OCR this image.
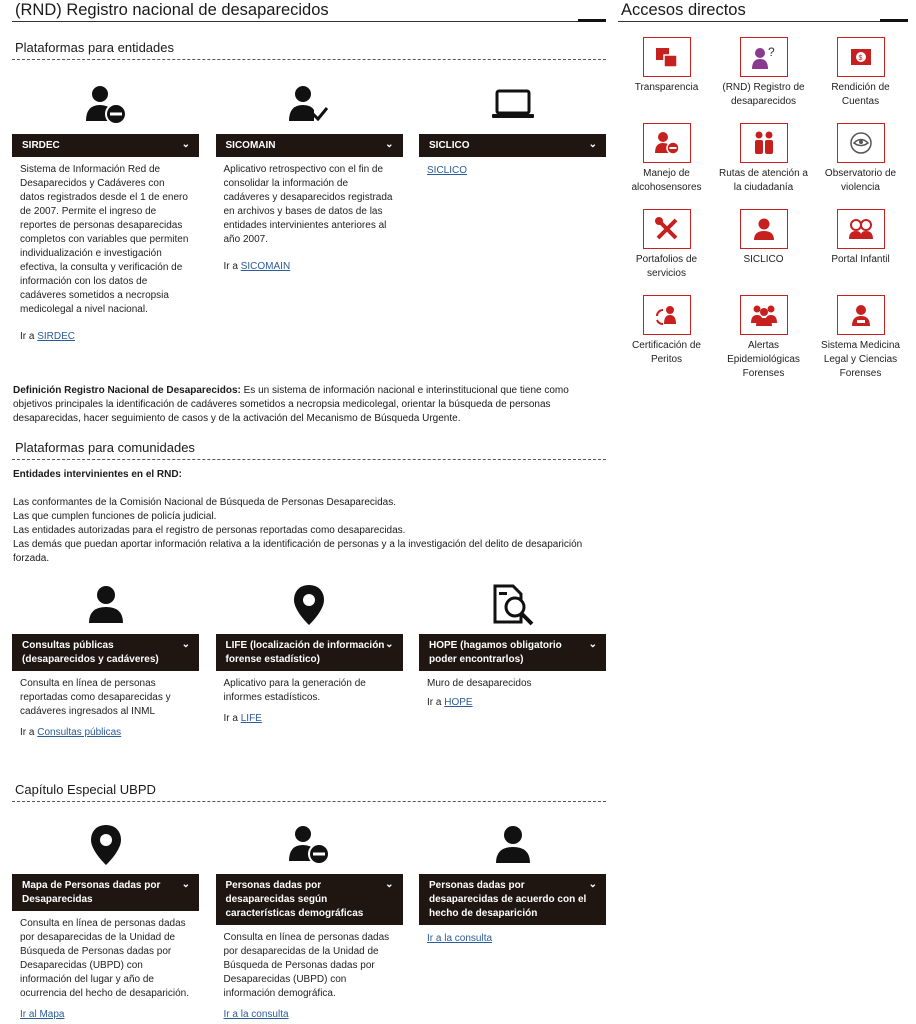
(RND) Registro nacional de desaparecidos
Plataformas para entidades
SIRDEC	⌄
Sistema de Información Red de Desaparecidos y Cadáveres con datos registrados desde el 1 de enero de 2007. Permite el ingreso de reportes de personas desaparecidas completos con variables que permiten individualización e investigación efectiva, la consulta y verificación de información con los datos de cadáveres sometidos a necropsia medicolegal a nivel nacional.
Ir a SIRDEC
SICOMAIN	⌄
Aplicativo retrospectivo con el fin de consolidar la información de cadáveres y desaparecidos registrada en archivos y bases de datos de las entidades intervinientes anteriores al año 2007.
Ir a SICOMAIN
SICLICO	⌄
SICLICO
Definición Registro Nacional de Desaparecidos: Es un sistema de información nacional e interinstitucional que tiene como objetivos principales la identificación de cadáveres sometidos a necropsia medicolegal, orientar la búsqueda de personas desaparecidas, hacer seguimiento de casos y de la activación del Mecanismo de Búsqueda Urgente.
Plataformas para comunidades
Entidades intervinientes en el RND:
Las conformantes de la Comisión Nacional de Búsqueda de Personas Desaparecidas.
Las que cumplen funciones de policía judicial.
Las entidades autorizadas para el registro de personas reportadas como desaparecidas.
Las demás que puedan aportar información relativa a la identificación de personas y a la investigación del delito de desaparición forzada.
Consultas públicas (desaparecidos y cadáveres)
⌄
Consulta en línea de personas reportadas como desaparecidas y cadáveres ingresados al INML
Ir a Consultas públicas
LIFE (localización de información forense estadístico)
⌄
Aplicativo para la generación de informes estadísticos.
Ir a LIFE
HOPE (hagamos obligatorio poder encontrarlos)
⌄
Muro de desaparecidos
Ir a HOPE
Capítulo Especial UBPD
Mapa de Personas dadas por Desaparecidas
⌄
Consulta en línea de personas dadas por desaparecidas de la Unidad de Búsqueda de Personas dadas por Desaparecidas (UBPD) con información del lugar y año de ocurrencia del hecho de desaparición.
Ir al Mapa
Personas dadas por desaparecidas según características demográficas
⌄
Consulta en línea de personas dadas por desaparecidas de la Unidad de Búsqueda de Personas dadas por Desaparecidas (UBPD) con información demográfica.
Ir a la consulta
Personas dadas por desaparecidas de acuerdo con el hecho de desaparición
⌄
Ir a la consulta
Accesos directos
Transparencia
?
(RND) Registro de desaparecidos
$
Rendición de Cuentas
Manejo de alcohosensores
Rutas de atención a la ciudadanía
Observatorio de violencia
Portafolios de servicios
SICLICO	Portal Infantil
Certificación de Peritos
Alertas Epidemiológicas Forenses
Sistema Medicina Legal y Ciencias Forenses
